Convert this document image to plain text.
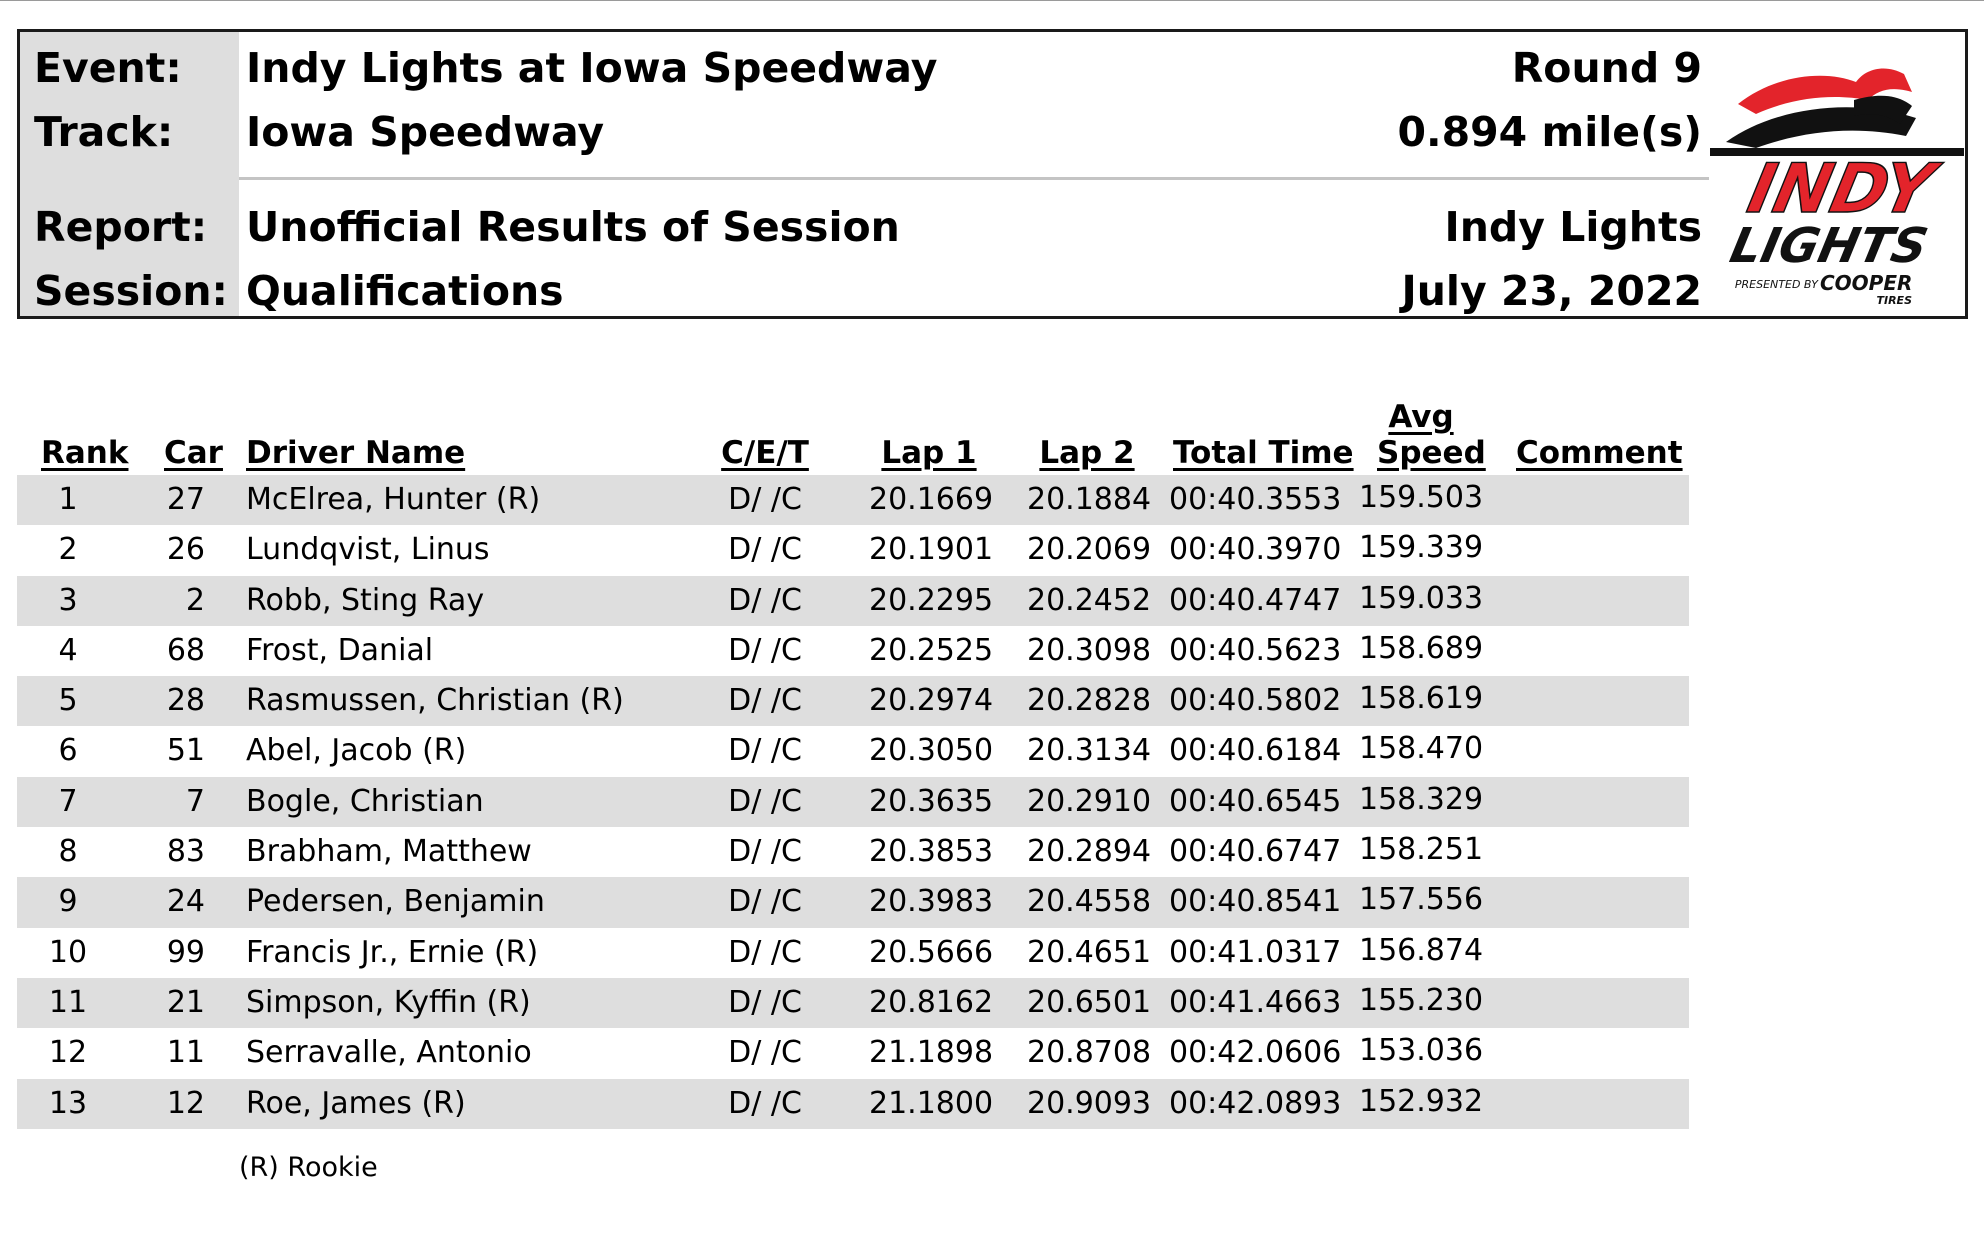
Event: Indy Lights at Iowa Speedway	Round 9
Track: Iowa Speedway	0.894 mile(s)
Report: Unofficial Results of Session	Indy Lights
Session: Qualifications	July 23, 2022
INDY
LIGHTS
PRESENTED BY COOPER
TIRES
Rank Car Driver Name	C/E/T	Lap 1	Lap 2	Total Time
Avg
Speed Comment
1	27 McElrea, Hunter (R)	D/ /C	20.1669 20.1884 00:40.3553 159.503
2	26 Lundqvist, Linus	D/ /C	20.1901 20.2069 00:40.3970 159.339
3	2 Robb, Sting Ray	D/ /C	20.2295 20.2452 00:40.4747 159.033
4	68 Frost, Danial	D/ /C	20.2525 20.3098 00:40.5623 158.689
5	28 Rasmussen, Christian (R)	D/ /C	20.2974 20.2828 00:40.5802 158.619
6	51 Abel, Jacob (R)	D/ /C	20.3050 20.3134 00:40.6184 158.470
7	7 Bogle, Christian	D/ /C	20.3635 20.2910 00:40.6545 158.329
8	83 Brabham, Matthew	D/ /C	20.3853 20.2894 00:40.6747 158.251
9	24 Pedersen, Benjamin	D/ /C	20.3983 20.4558 00:40.8541 157.556
10	99 Francis Jr., Ernie (R)	D/ /C	20.5666 20.4651 00:41.0317 156.874
11	21 Simpson, Kyffin (R)	D/ /C	20.8162 20.6501 00:41.4663 155.230
12	11 Serravalle, Antonio	D/ /C	21.1898 20.8708 00:42.0606 153.036
13	12 Roe, James (R)	D/ /C	21.1800 20.9093 00:42.0893 152.932
(R) Rookie
